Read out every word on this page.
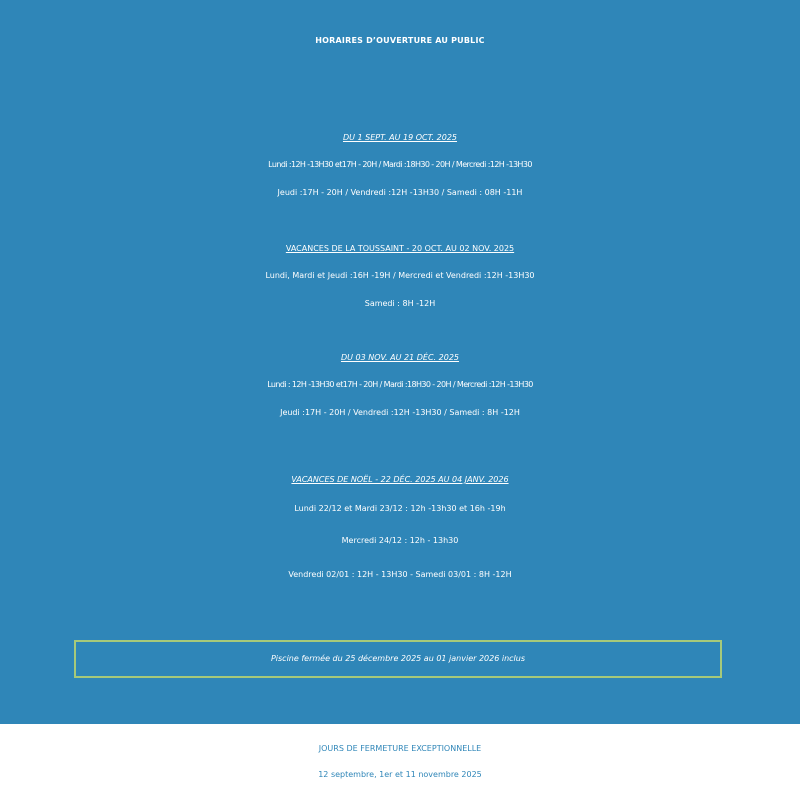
HORAIRES D’OUVERTURE AU PUBLIC
DU 1 SEPT. AU 19 OCT. 2025
Lundi :12H -13H30 et17H - 20H / Mardi :18H30 - 20H / Mercredi :12H -13H30
Jeudi :17H - 20H / Vendredi :12H -13H30 / Samedi : 08H -11H
VACANCES DE LA TOUSSAINT - 20 OCT. AU 02 NOV. 2025
Lundi, Mardi et Jeudi :16H -19H / Mercredi et Vendredi :12H -13H30
Samedi : 8H -12H
DU 03 NOV. AU 21 DÉC. 2025
Lundi : 12H -13H30 et17H - 20H / Mardi :18H30 - 20H / Mercredi :12H -13H30
Jeudi :17H - 20H / Vendredi :12H -13H30 / Samedi : 8H -12H
VACANCES DE NOËL - 22 DÉC. 2025 AU 04 JANV. 2026
Lundi 22/12 et Mardi 23/12 : 12h -13h30 et 16h -19h
Mercredi 24/12 : 12h - 13h30
Vendredi 02/01 : 12H - 13H30 - Samedi 03/01 : 8H -12H
Piscine fermée du 25 décembre 2025 au 01 janvier 2026 inclus
JOURS DE FERMETURE EXCEPTIONNELLE
12 septembre, 1er et 11 novembre 2025
